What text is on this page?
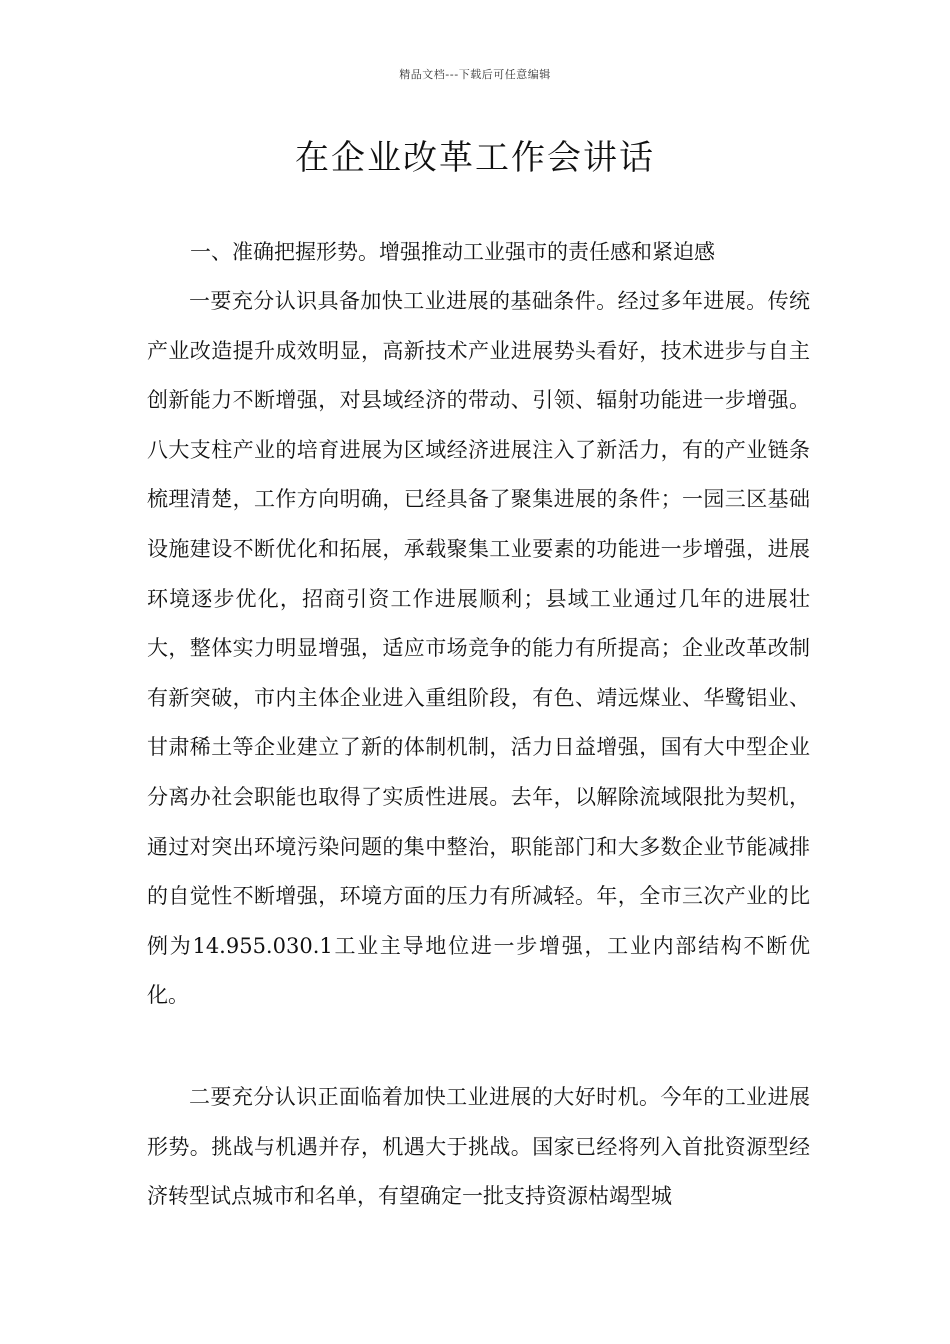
精品文档---下载后可任意编辑
在企业改革工作会讲话
一、准确把握形势。增强推动工业强市的责任感和紧迫感

一要充分认识具备加快工业进展的基础条件。经过多年进展。传统产业改造提升成效明显，高新技术产业进展势头看好，技术进步与自主创新能力不断增强，对县域经济的带动、引领、辐射功能进一步增强。八大支柱产业的培育进展为区域经济进展注入了新活力，有的产业链条梳理清楚，工作方向明确，已经具备了聚集进展的条件；一园三区基础设施建设不断优化和拓展，承载聚集工业要素的功能进一步增强，进展环境逐步优化，招商引资工作进展顺利；县域工业通过几年的进展壮大，整体实力明显增强，适应市场竞争的能力有所提高；企业改革改制有新突破，市内主体企业进入重组阶段，有色、靖远煤业、华鹭铝业、甘肃稀土等企业建立了新的体制机制，活力日益增强，国有大中型企业分离办社会职能也取得了实质性进展。去年，以解除流域限批为契机，通过对突出环境污染问题的集中整治，职能部门和大多数企业节能减排的自觉性不断增强，环境方面的压力有所减轻。年，全市三次产业的比例为14.955.030.1工业主导地位进一步增强，工业内部结构不断优化。

二要充分认识正面临着加快工业进展的大好时机。今年的工业进展形势。挑战与机遇并存，机遇大于挑战。国家已经将列入首批资源型经济转型试点城市和名单，有望确定一批支持资源枯竭型城
